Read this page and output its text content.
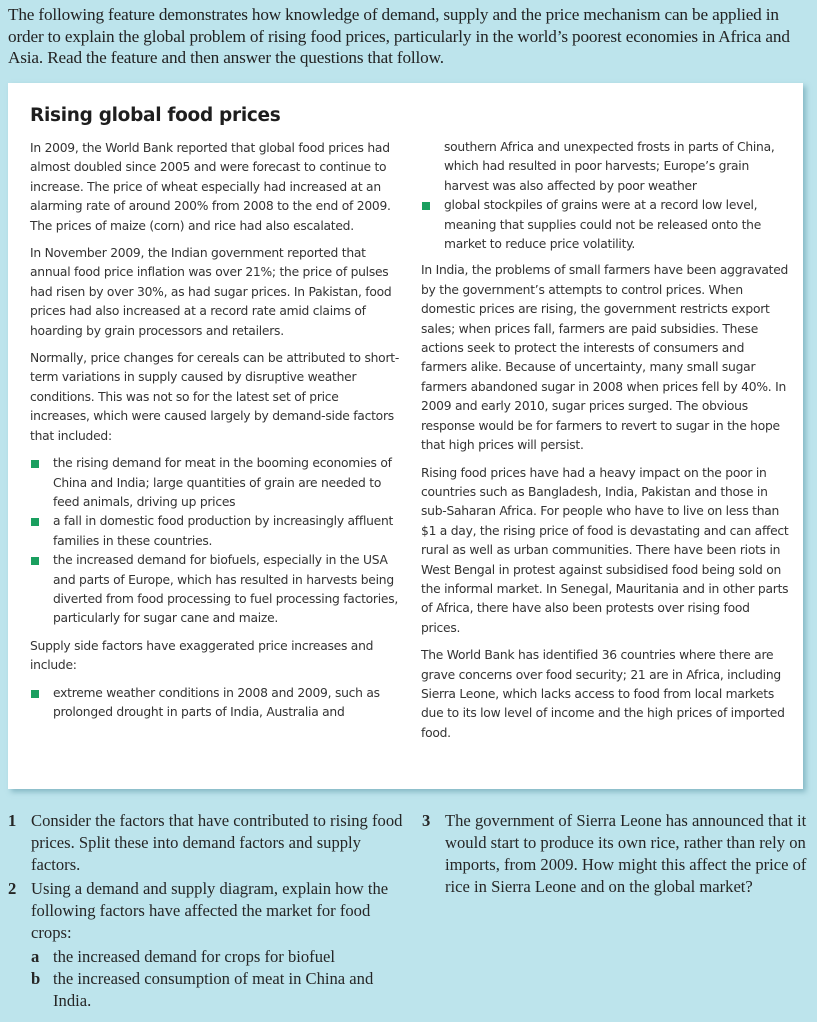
The following feature demonstrates how knowledge of demand, supply and the price mechanism can be applied in order to explain the global problem of rising food prices, particularly in the world’s poorest economies in Africa and Asia. Read the feature and then answer the questions that follow.

Rising global food prices

In 2009, the World Bank reported that global food prices had almost doubled since 2005 and were forecast to continue to increase. The price of wheat especially had increased at an alarming rate of around 200% from 2008 to the end of 2009. The prices of maize (corn) and rice had also escalated.

In November 2009, the Indian government reported that annual food price inflation was over 21%; the price of pulses had risen by over 30%, as had sugar prices. In Pakistan, food prices had also increased at a record rate amid claims of hoarding by grain processors and retailers.

Normally, price changes for cereals can be attributed to short-term variations in supply caused by disruptive weather conditions. This was not so for the latest set of price increases, which were caused largely by demand-side factors that included:

the rising demand for meat in the booming economies of China and India; large quantities of grain are needed to feed animals, driving up prices
a fall in domestic food production by increasingly affluent families in these countries.
the increased demand for biofuels, especially in the USA and parts of Europe, which has resulted in harvests being diverted from food processing to fuel processing factories, particularly for sugar cane and maize.

Supply side factors have exaggerated price increases and include:

extreme weather conditions in 2008 and 2009, such as prolonged drought in parts of India, Australia and
southern Africa and unexpected frosts in parts of China, which had resulted in poor harvests; Europe’s grain harvest was also affected by poor weather
global stockpiles of grains were at a record low level, meaning that supplies could not be released onto the market to reduce price volatility.

In India, the problems of small farmers have been aggravated by the government’s attempts to control prices. When domestic prices are rising, the government restricts export sales; when prices fall, farmers are paid subsidies. These actions seek to protect the interests of consumers and farmers alike. Because of uncertainty, many small sugar farmers abandoned sugar in 2008 when prices fell by 40%. In 2009 and early 2010, sugar prices surged. The obvious response would be for farmers to revert to sugar in the hope that high prices will persist.

Rising food prices have had a heavy impact on the poor in countries such as Bangladesh, India, Pakistan and those in sub-Saharan Africa. For people who have to live on less than $1 a day, the rising price of food is devastating and can affect rural as well as urban communities. There have been riots in West Bengal in protest against subsidised food being sold on the informal market. In Senegal, Mauritania and in other parts of Africa, there have also been protests over rising food prices.

The World Bank has identified 36 countries where there are grave concerns over food security; 21 are in Africa, including Sierra Leone, which lacks access to food from local markets due to its low level of income and the high prices of imported food.

1 Consider the factors that have contributed to rising food prices. Split these into demand factors and supply factors.
2 Using a demand and supply diagram, explain how the following factors have affected the market for food crops:
a the increased demand for crops for biofuel
b the increased consumption of meat in China and India.
3 The government of Sierra Leone has announced that it would start to produce its own rice, rather than rely on imports, from 2009. How might this affect the price of rice in Sierra Leone and on the global market?
